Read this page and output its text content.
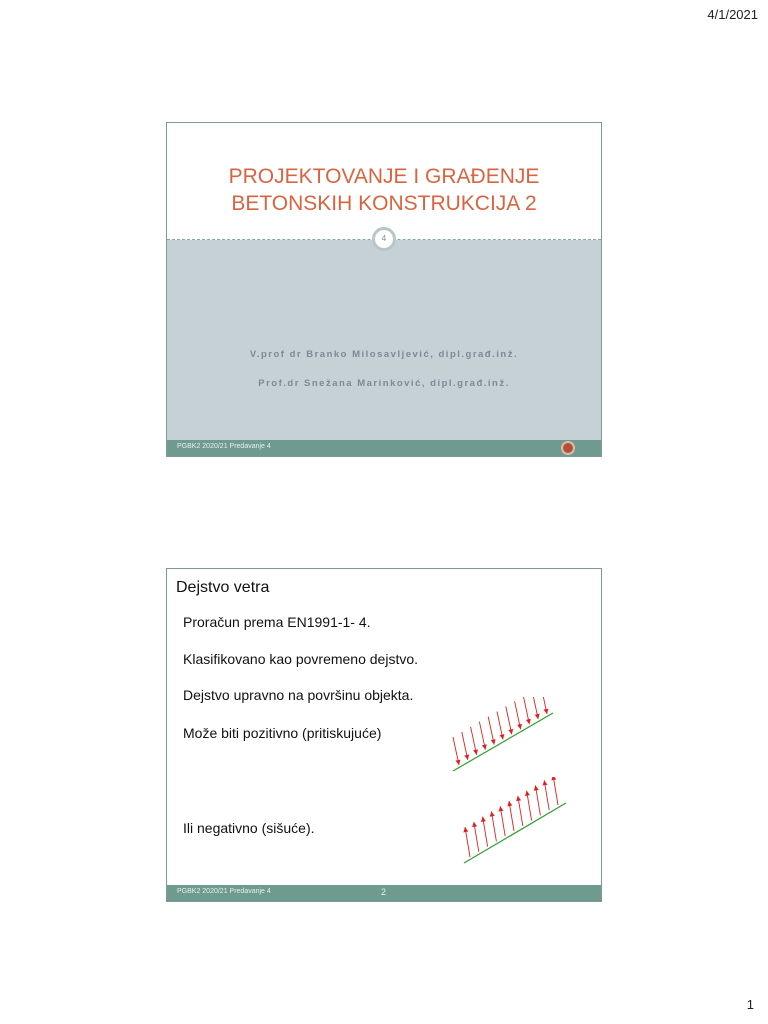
4/1/2021
PROJEKTOVANJE I GRAĐENJE
BETONSKIH KONSTRUKCIJA 2
4
V.prof dr Branko Milosavljević, dipl.građ.inž.
Prof.dr Snežana Marinković, dipl.građ.inž.
PGBK2 2020/21 Predavanje 4
Dejstvo vetra
Proračun prema EN1991-1- 4.
Klasifikovano kao povremeno dejstvo.
Dejstvo upravno na površinu objekta.
Može biti pozitivno (pritiskujuće)
Ili negativno (sišuće).
PGBK2 2020/21 Predavanje 4	2
1
